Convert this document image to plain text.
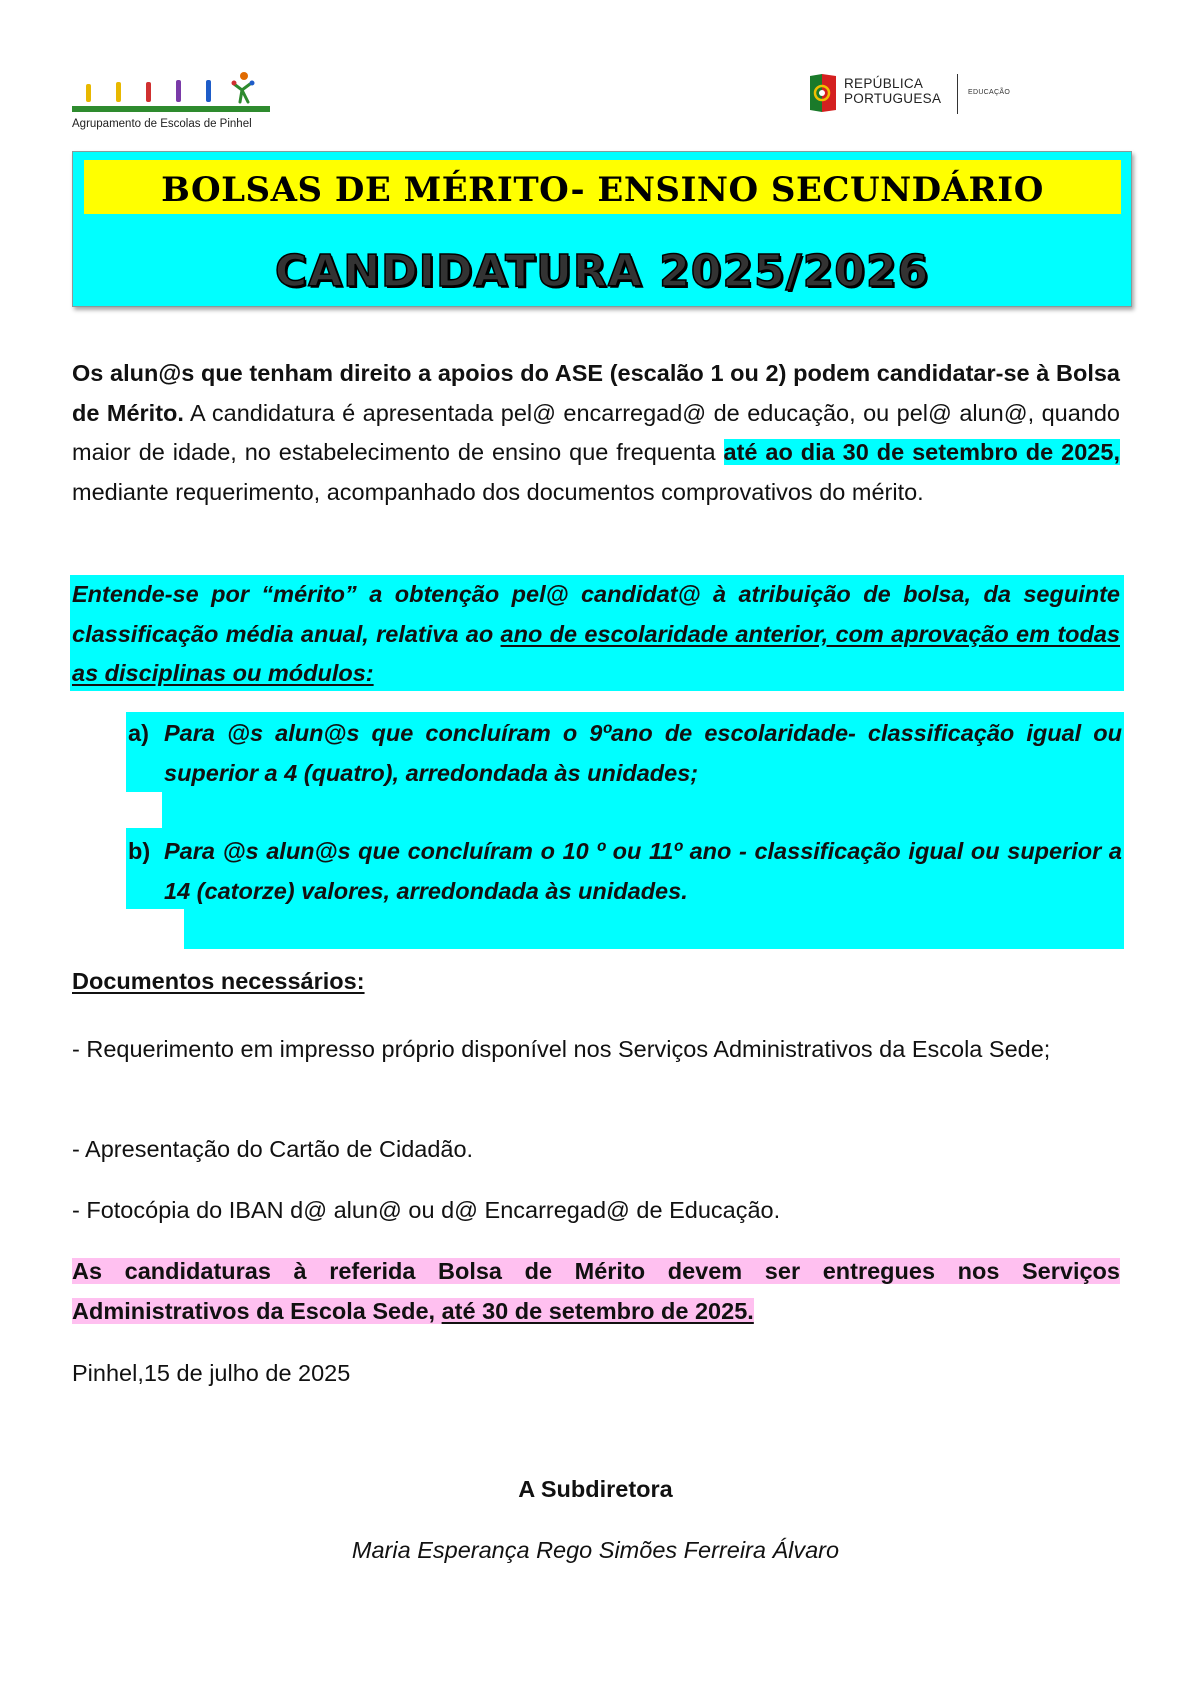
Agrupamento de Escolas de Pinhel
REPÚBLICA
PORTUGUESA	EDUCAÇÃO
BOLSAS DE MÉRITO- ENSINO SECUNDÁRIO
CANDIDATURA 2025/2026
Os alun@s que tenham direito a apoios do ASE (escalão 1 ou 2) podem candidatar-se à Bolsa de Mérito. A candidatura é apresentada pel@ encarregad@ de educação, ou pel@ alun@, quando maior de idade, no estabelecimento de ensino que frequenta até ao dia 30 de setembro de 2025, mediante requerimento, acompanhado dos documentos comprovativos do mérito.
Entende-se por “mérito” a obtenção pel@ candidat@ à atribuição de bolsa, da seguinte classificação média anual, relativa ao ano de escolaridade anterior, com aprovação em todas as disciplinas ou módulos:
a) Para @s alun@s que concluíram o 9ºano de escolaridade- classificação igual ou superior a 4 (quatro), arredondada às unidades;
b) Para @s alun@s que concluíram o 10 º ou 11º ano - classificação igual ou superior a 14 (catorze) valores, arredondada às unidades.
Documentos necessários:
- Requerimento em impresso próprio disponível nos Serviços Administrativos da Escola Sede;
- Apresentação do Cartão de Cidadão.
- Fotocópia do IBAN d@ alun@ ou d@ Encarregad@ de Educação.
As candidaturas à referida Bolsa de Mérito devem ser entregues nos Serviços Administrativos da Escola Sede, até 30 de setembro de 2025.
Pinhel,15 de julho de 2025
A Subdiretora
Maria Esperança Rego Simões Ferreira Álvaro
